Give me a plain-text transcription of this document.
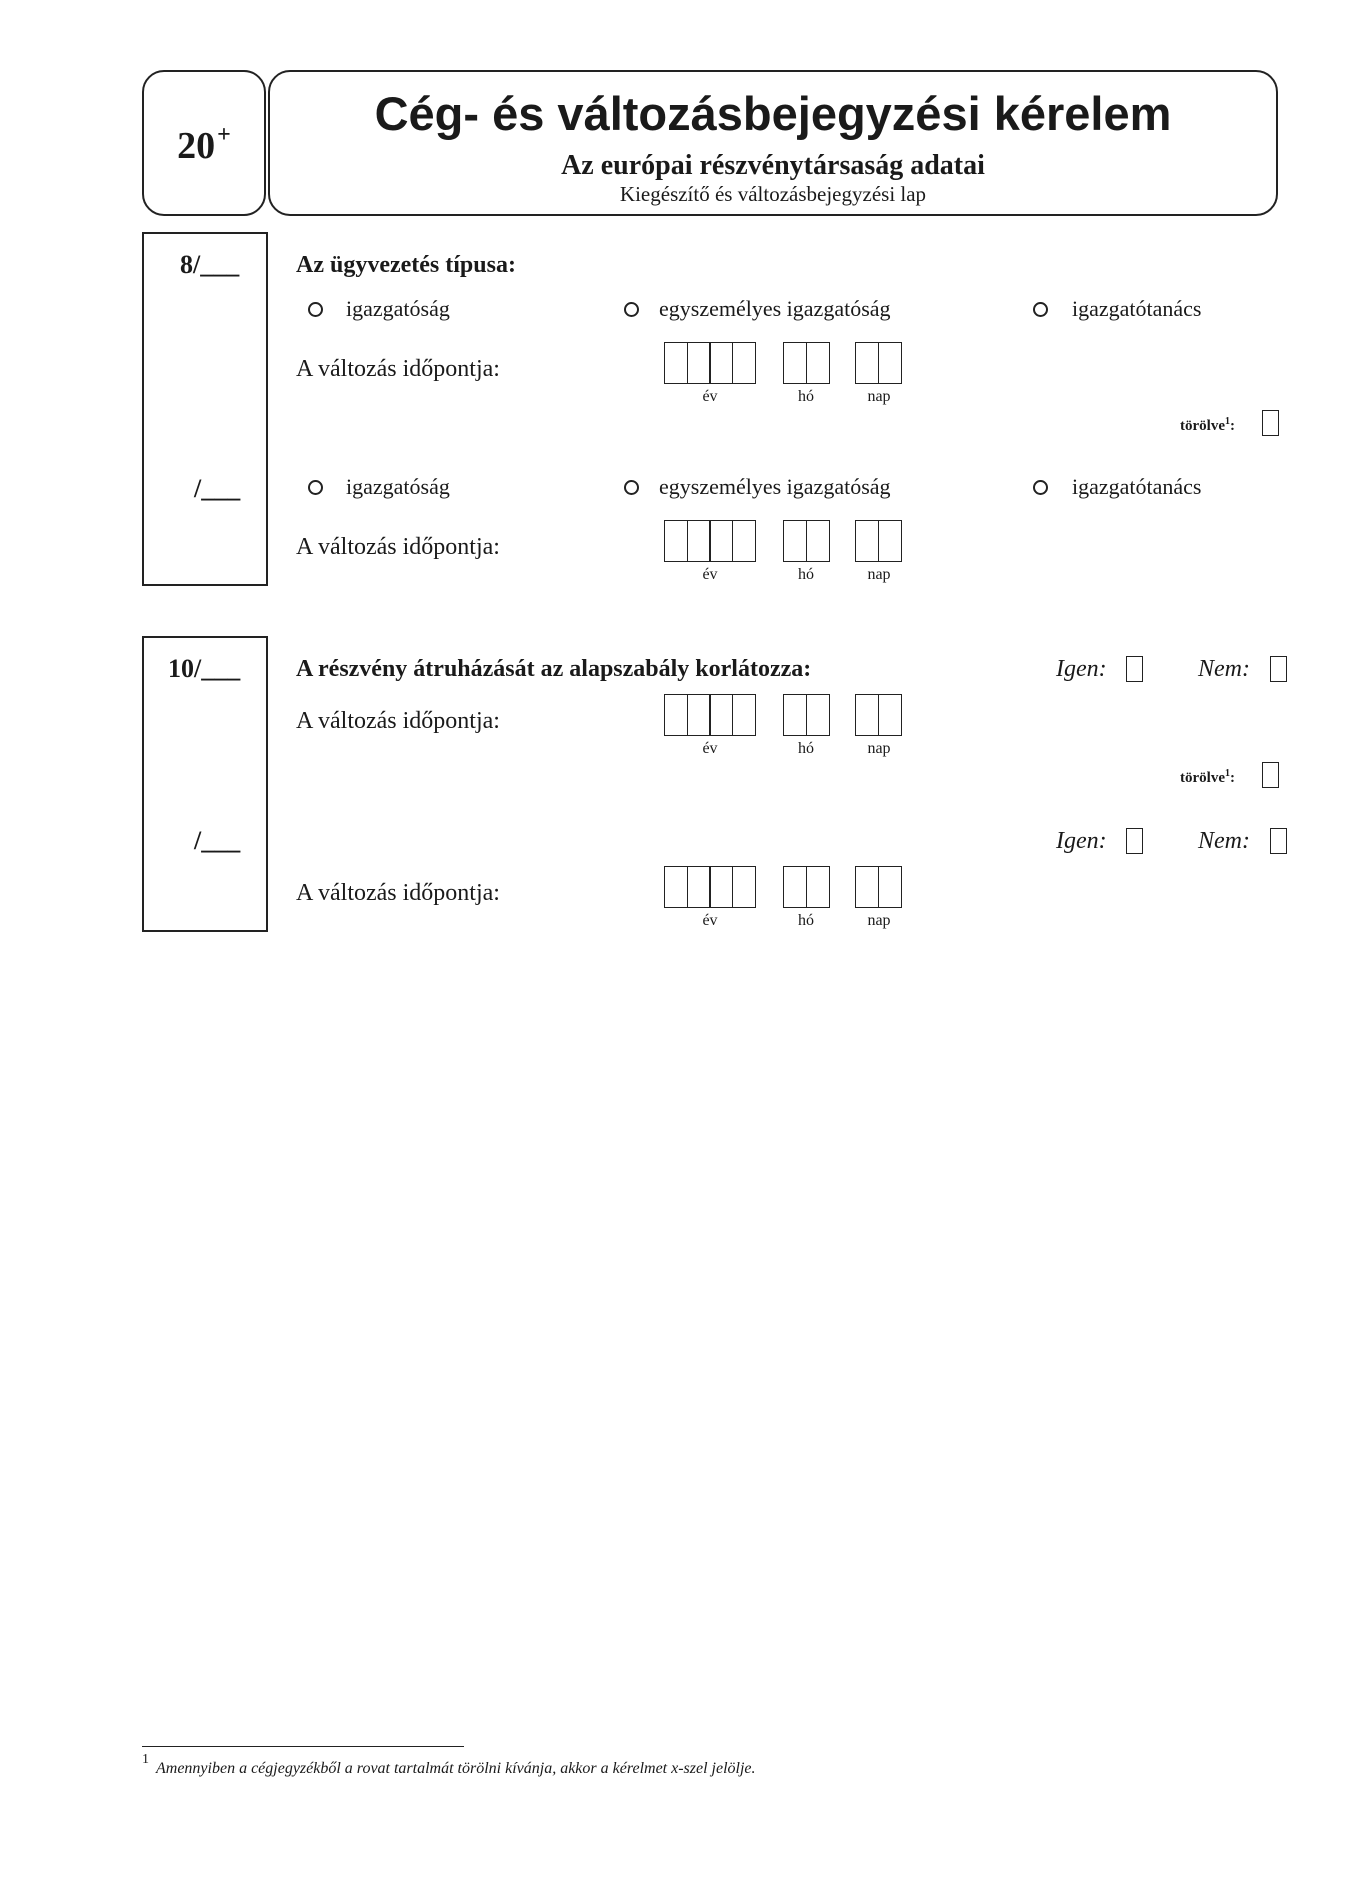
20+	Cég- és változásbejegyzési kérelem
Az európai részvénytársaság adatai
Kiegészítő és változásbejegyzési lap
8/___ Az ügyvezetés típusa:
igazgatóság	egyszemélyes igazgatóság	igazgatótanács
A változás időpontja:
év	hó	nap
törölve$^1$:
/___	igazgatóság	egyszemélyes igazgatóság	igazgatótanács
A változás időpontja:
év	hó	nap
10/___ A részvény átruházását az alapszabály korlátozza:	Igen:	Nem:
A változás időpontja:
év	hó	nap
törölve$^1$:
/___	Igen:	Nem:
A változás időpontja:
év	hó	nap
1
Amennyiben a cégjegyzékből a rovat tartalmát törölni kívánja, akkor a kérelmet x-szel jelölje.
